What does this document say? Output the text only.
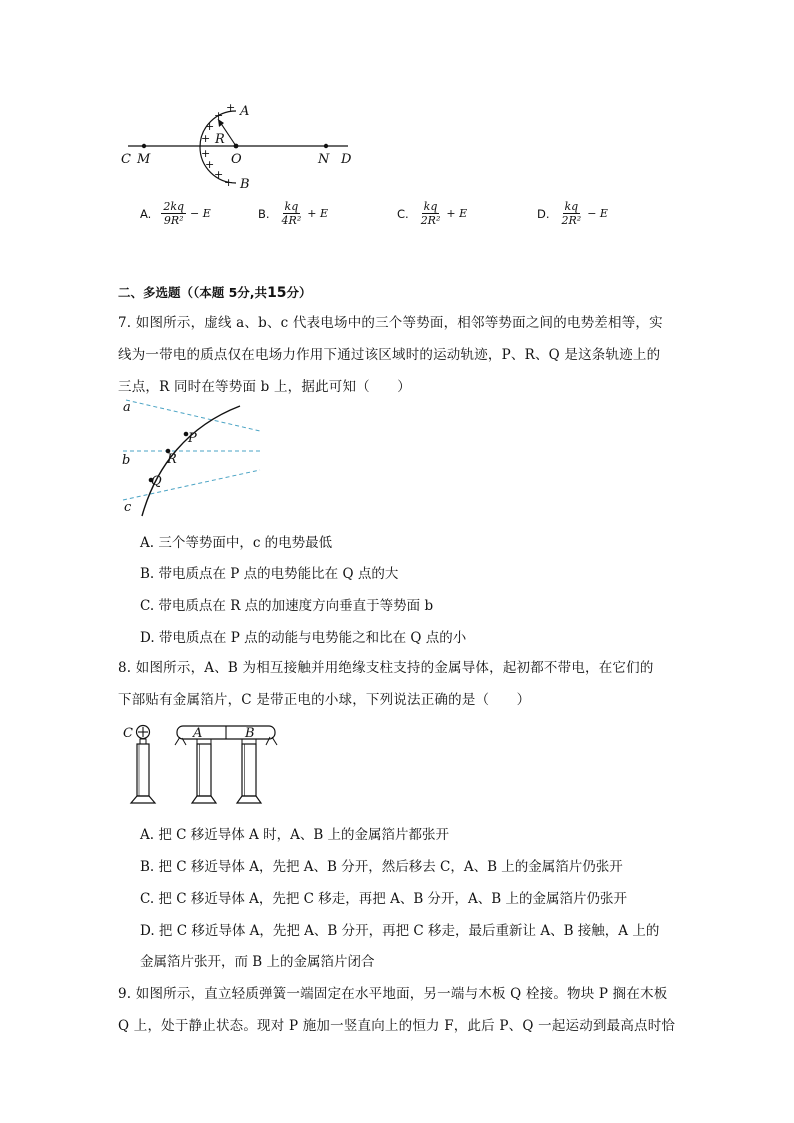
+
+
+
+
+
+
+
+
A
B
R
O
C M	N D
A. $\frac{2kq}{\text{9R²}} - E$	B. $\frac{kq}{\text{4R²}} + E$	C. $\frac{kq}{\text{2R²}} + E$	D. $\frac{kq}{\text{2R²}} - E$
二、多选题（（本题 5分,共15分）
7. 如图所示，虚线 a、b、c 代表电场中的三个等势面，相邻等势面之间的电势差相等，实
线为一带电的质点仅在电场力作用下通过该区域时的运动轨迹，P、R、Q 是这条轨迹上的
三点，R 同时在等势面 b 上，据此可知（　　）
a
b
c
P
R
Q
A. 三个等势面中，c 的电势最低
B. 带电质点在 P 点的电势能比在 Q 点的大
C. 带电质点在 R 点的加速度方向垂直于等势面 b
D. 带电质点在 P 点的动能与电势能之和比在 Q 点的小
8. 如图所示，A、B 为相互接触并用绝缘支柱支持的金属导体，起初都不带电，在它们的
下部贴有金属箔片，C 是带正电的小球，下列说法正确的是（　　）
C	A	B
A. 把 C 移近导体 A 时，A、B 上的金属箔片都张开
B. 把 C 移近导体 A，先把 A、B 分开，然后移去 C，A、B 上的金属箔片仍张开
C. 把 C 移近导体 A，先把 C 移走，再把 A、B 分开，A、B 上的金属箔片仍张开
D. 把 C 移近导体 A，先把 A、B 分开，再把 C 移走，最后重新让 A、B 接触，A 上的
金属箔片张开，而 B 上的金属箔片闭合
9. 如图所示，直立轻质弹簧一端固定在水平地面，另一端与木板 Q 栓接。物块 P 搁在木板
Q 上，处于静止状态。现对 P 施加一竖直向上的恒力 F，此后 P、Q 一起运动到最高点时恰
